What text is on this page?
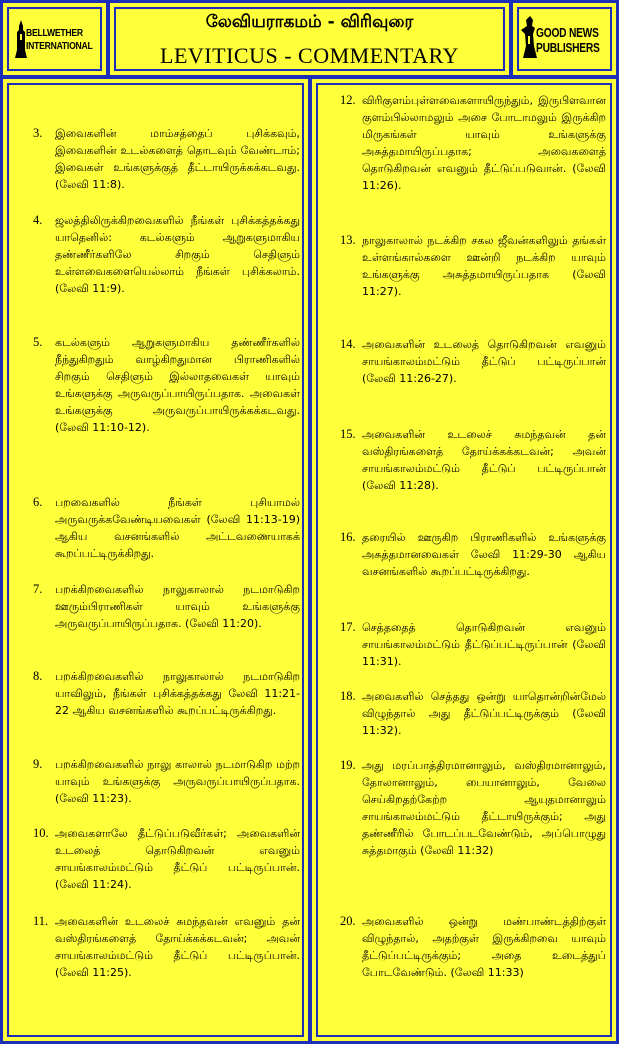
BELLWETHER
INTERNATIONAL
லேவியராகமம் - விரிவுரை
LEVITICUS - COMMENTARY
GOOD NEWS
PUBLISHERS
3.	இவைகளின் மாம்சத்தைப் புசிக்கவும், இவைகளின் உடல்களைத் தொடவும் வேண்டாம்; இவைகள் உங்களுக்குத் தீட்டாயிருக்கக்கடவது. (லேவி 11:8).
4.	ஜலத்திலிருக்கிறவைகளில் நீங்கள் புசிக்கத்தக்கது யாதெனில்: கடல்களும் ஆறுகளுமாகிய தண்ணீர்களிலே சிறகும் செதிளும் உள்ளவைகளையெல்லாம் நீங்கள் புசிக்கலாம். (லேவி 11:9).
5.	கடல்களும் ஆறுகளுமாகிய தண்ணீர்களில் நீந்துகிறதும் வாழ்கிறதுமான பிராணிகளில் சிறகும் செதிளும் இல்லாதவைகள் யாவும் உங்களுக்கு அருவருப்பாயிருப்பதாக. அவைகள் உங்களுக்கு அருவருப்பாயிருக்கக்கடவது. (லேவி 11:10-12).
6.	பறவைகளில் நீங்கள் புசியாமல் அருவருக்கவேண்டியவைகள் (லேவி 11:13-19) ஆகிய வசனங்களில் அட்டவணையாகக் கூறப்பட்டிருக்கிறது.
7.	பறக்கிறவைகளில் நாலுகாலால் நடமாடுகிற ஊரும்பிராணிகள் யாவும் உங்களுக்கு அருவருப்பாயிருப்பதாக. (லேவி 11:20).
8.	பறக்கிறவைகளில் நாலுகாலால் நடமாடுகிற யாவிலும், நீங்கள் புசிக்கத்தக்கது லேவி 11:21-22 ஆகிய வசனங்களில் கூறப்பட்டிருக்கிறது.
9.	பறக்கிறவைகளில் நாலு காலால் நடமாடுகிற மற்ற யாவும் உங்களுக்கு அருவருப்பாயிருப்பதாக. (லேவி 11:23).
10. அவைகளாலே தீட்டுப்படுவீர்கள்; அவைகளின் உடலைத் தொடுகிறவன் எவனும் சாயங்காலம்மட்டும் தீட்டுப் பட்டிருப்பான். (லேவி 11:24).
11. அவைகளின் உடலைச் சுமந்தவன் எவனும் தன் வஸ்திரங்களைத் தோய்க்கக்கடவன்; அவன் சாயங்காலம்மட்டும் தீட்டுப் பட்டிருப்பான். (லேவி 11:25).
12. விரிகுளம்புள்ளவைகளாயிருந்தும், இருபிளவான குளம்பில்லாமலும் அசை போடாமலும் இருக்கிற மிருகங்கள் யாவும் உங்களுக்கு அசுத்தமாயிருப்பதாக; அவைகளைத் தொடுகிறவன் எவனும் தீட்டுப்படுவான். (லேவி 11:26).
13. நாலுகாலால் நடக்கிற சகல ஜீவன்களிலும் தங்கள் உள்ளங்கால்களை ஊன்றி நடக்கிற யாவும் உங்களுக்கு அசுத்தமாயிருப்பதாக (லேவி 11:27).
14. அவைகளின் உடலைத் தொடுகிறவன் எவனும் சாயங்காலம்மட்டும் தீட்டுப் பட்டிருப்பான் (லேவி 11:26-27).
15. அவைகளின் உடலைச் சுமந்தவன் தன் வஸ்திரங்களைத் தோய்க்கக்கடவன்; அவன் சாயங்காலம்மட்டும் தீட்டுப் பட்டிருப்பான் (லேவி 11:28).
16. தரையில் ஊருகிற பிராணிகளில் உங்களுக்கு அசுத்தமானவைகள் லேவி 11:29-30 ஆகிய வசனங்களில் கூறப்பட்டிருக்கிறது.
17. செத்ததைத் தொடுகிறவன் எவனும் சாயங்காலம்மட்டும் தீட்டுப்பட்டிருப்பான் (லேவி 11:31).
18. அவைகளில் செத்தது ஒன்று யாதொன்றின்மேல் விழுந்தால் அது தீட்டுப்பட்டிருக்கும் (லேவி 11:32).
19. அது மரப்பாத்திரமானாலும், வஸ்திரமானாலும், தோலானாலும், பையானாலும், வேலை செய்கிறதற்கேற்ற ஆயுதமானாலும் சாயங்காலம்மட்டும் தீட்டாயிருக்கும்; அது தண்ணீரில் போடப்படவேண்டும், அப்பொழுது சுத்தமாகும் (லேவி 11:32)
20. அவைகளில் ஒன்று மண்பாண்டத்திற்குள் விழுந்தால், அதற்குள் இருக்கிறவை யாவும் தீட்டுப்பட்டிருக்கும்; அதை உடைத்துப் போடவேண்டும். (லேவி 11:33)
